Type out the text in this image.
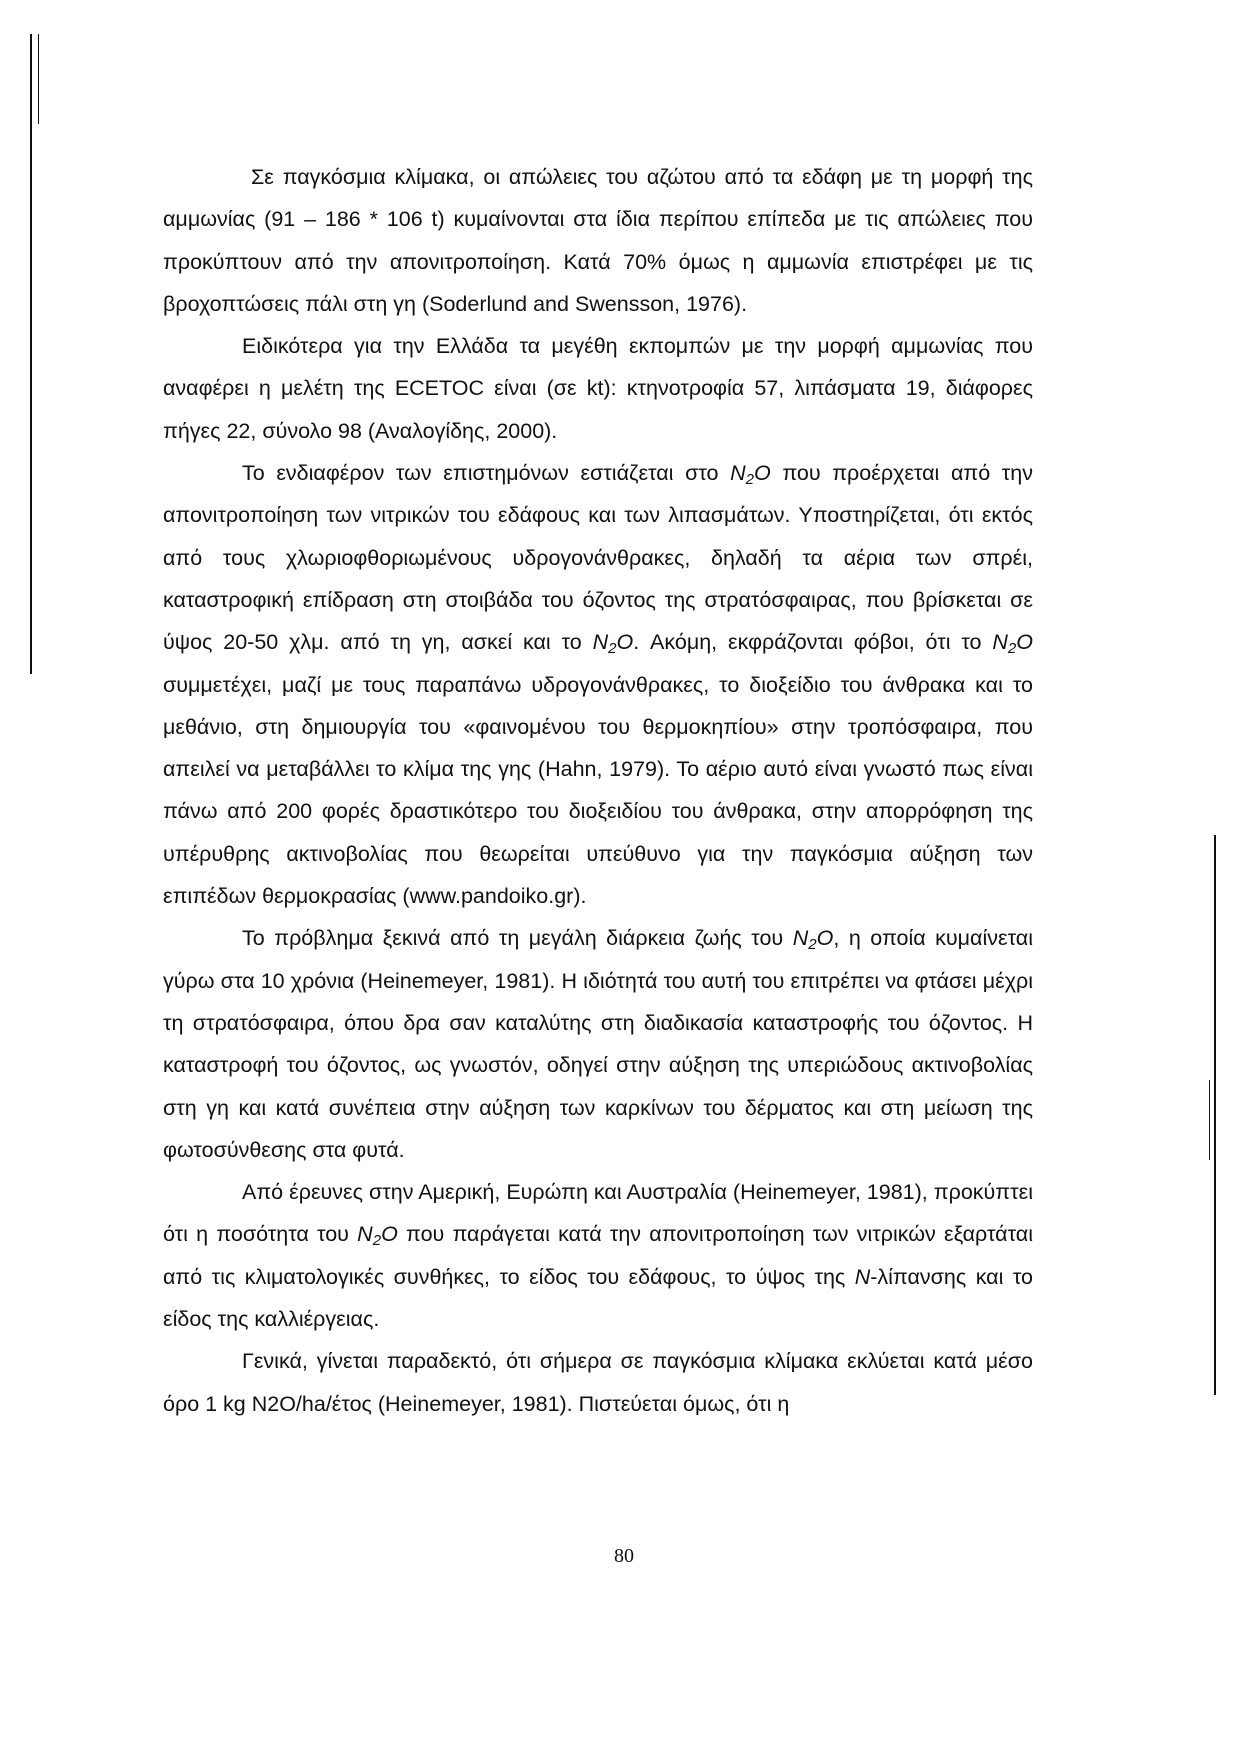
Σε παγκόσμια κλίμακα, οι απώλειες του αζώτου από τα εδάφη με τη μορφή της αμμωνίας (91 – 186 * 106 t) κυμαίνονται στα ίδια περίπου επίπεδα με τις απώλειες που προκύπτουν από την απονιτροποίηση. Κατά 70% όμως η αμμωνία επιστρέφει με τις βροχοπτώσεις πάλι στη γη (Soderlund and Swensson, 1976).

Ειδικότερα για την Ελλάδα τα μεγέθη εκπομπών με την μορφή αμμωνίας που αναφέρει η μελέτη της ECETOC είναι (σε kt): κτηνοτροφία 57, λιπάσματα 19, διάφορες πήγες 22, σύνολο 98 (Αναλογίδης, 2000).

Το ενδιαφέρον των επιστημόνων εστιάζεται στο $N_2O$ που προέρχεται από την απονιτροποίηση των νιτρικών του εδάφους και των λιπασμάτων. Υποστηρίζεται, ότι εκτός από τους χλωριοφθοριωμένους υδρογονάνθρακες, δηλαδή τα αέρια των σπρέι, καταστροφική επίδραση στη στοιβάδα του όζοντος της στρατόσφαιρας, που βρίσκεται σε ύψος 20-50 χλμ. από τη γη, ασκεί και το $N_2O$. Ακόμη, εκφράζονται φόβοι, ότι το $N_2O$ συμμετέχει, μαζί με τους παραπάνω υδρογονάνθρακες, το διοξείδιο του άνθρακα και το μεθάνιο, στη δημιουργία του «φαινομένου του θερμοκηπίου» στην τροπόσφαιρα, που απειλεί να μεταβάλλει το κλίμα της γης (Hahn, 1979). Το αέριο αυτό είναι γνωστό πως είναι πάνω από 200 φορές δραστικότερο του διοξειδίου του άνθρακα, στην απορρόφηση της υπέρυθρης ακτινοβολίας που θεωρείται υπεύθυνο για την παγκόσμια αύξηση των επιπέδων θερμοκρασίας (www.pandoiko.gr).

Το πρόβλημα ξεκινά από τη μεγάλη διάρκεια ζωής του $N_2O$, η οποία κυμαίνεται γύρω στα 10 χρόνια (Heinemeyer, 1981). Η ιδιότητά του αυτή του επιτρέπει να φτάσει μέχρι τη στρατόσφαιρα, όπου δρα σαν καταλύτης στη διαδικασία καταστροφής του όζοντος. Η καταστροφή του όζοντος, ως γνωστόν, οδηγεί στην αύξηση της υπεριώδους ακτινοβολίας στη γη και κατά συνέπεια στην αύξηση των καρκίνων του δέρματος και στη μείωση της φωτοσύνθεσης στα φυτά.

Από έρευνες στην Αμερική, Ευρώπη και Αυστραλία (Heinemeyer, 1981), προκύπτει ότι η ποσότητα του $N_2O$ που παράγεται κατά την απονιτροποίηση των νιτρικών εξαρτάται από τις κλιματολογικές συνθήκες, το είδος του εδάφους, το ύψος της N-λίπανσης και το είδος της καλλιέργειας.

Γενικά, γίνεται παραδεκτό, ότι σήμερα σε παγκόσμια κλίμακα εκλύεται κατά μέσο όρο 1 kg N2O/ha/έτος (Heinemeyer, 1981). Πιστεύεται όμως, ότι η

80
